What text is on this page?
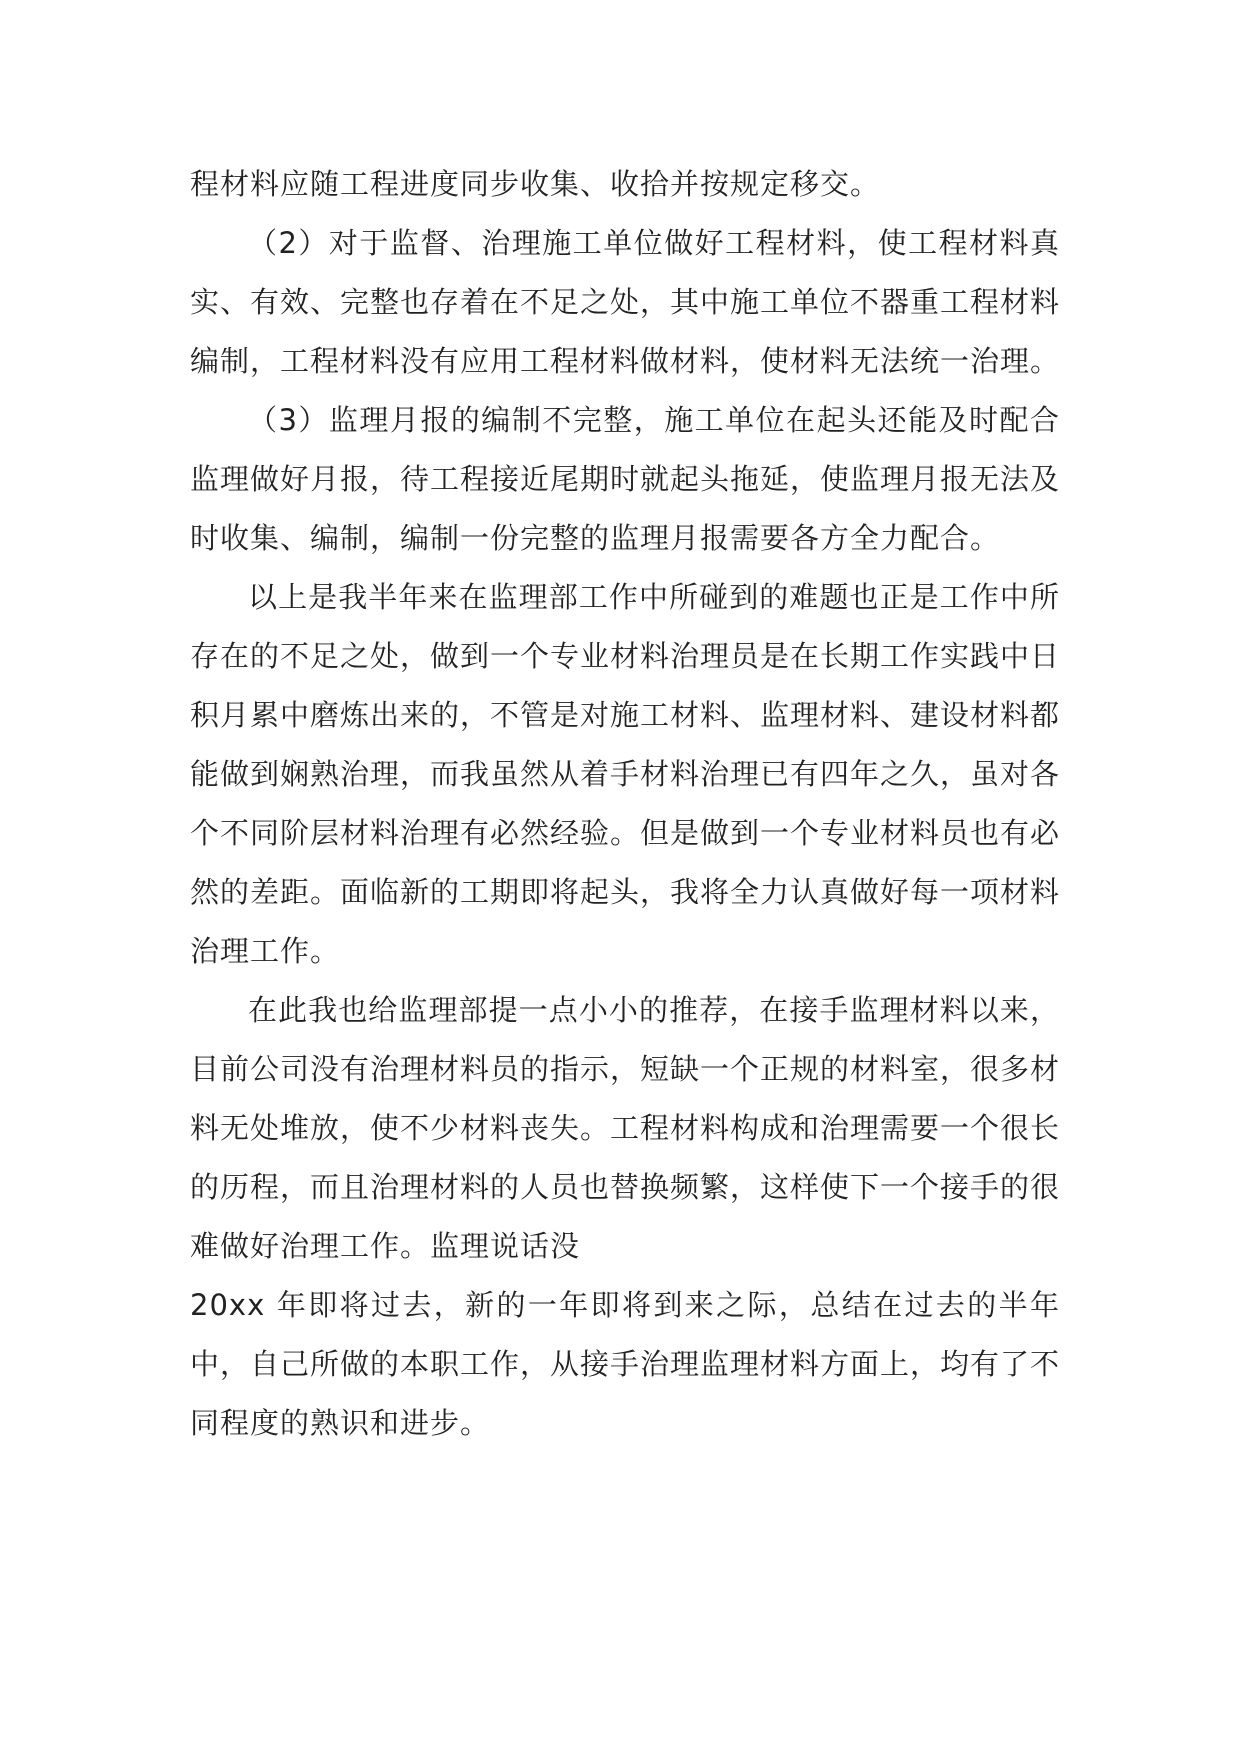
程材料应随工程进度同步收集、收拾并按规定移交。

（2）对于监督、治理施工单位做好工程材料，使工程材料真实、有效、完整也存着在不足之处，其中施工单位不器重工程材料编制，工程材料没有应用工程材料做材料，使材料无法统一治理。

（3）监理月报的编制不完整，施工单位在起头还能及时配合监理做好月报，待工程接近尾期时就起头拖延，使监理月报无法及时收集、编制，编制一份完整的监理月报需要各方全力配合。

以上是我半年来在监理部工作中所碰到的难题也正是工作中所存在的不足之处，做到一个专业材料治理员是在长期工作实践中日积月累中磨炼出来的，不管是对施工材料、监理材料、建设材料都能做到娴熟治理，而我虽然从着手材料治理已有四年之久，虽对各个不同阶层材料治理有必然经验。但是做到一个专业材料员也有必然的差距。面临新的工期即将起头，我将全力认真做好每一项材料治理工作。

在此我也给监理部提一点小小的推荐，在接手监理材料以来，目前公司没有治理材料员的指示，短缺一个正规的材料室，很多材料无处堆放，使不少材料丧失。工程材料构成和治理需要一个很长的历程，而且治理材料的人员也替换频繁，这样使下一个接手的很难做好治理工作。监理说话没

20xx 年即将过去，新的一年即将到来之际，总结在过去的半年中，自己所做的本职工作，从接手治理监理材料方面上，均有了不同程度的熟识和进步。
